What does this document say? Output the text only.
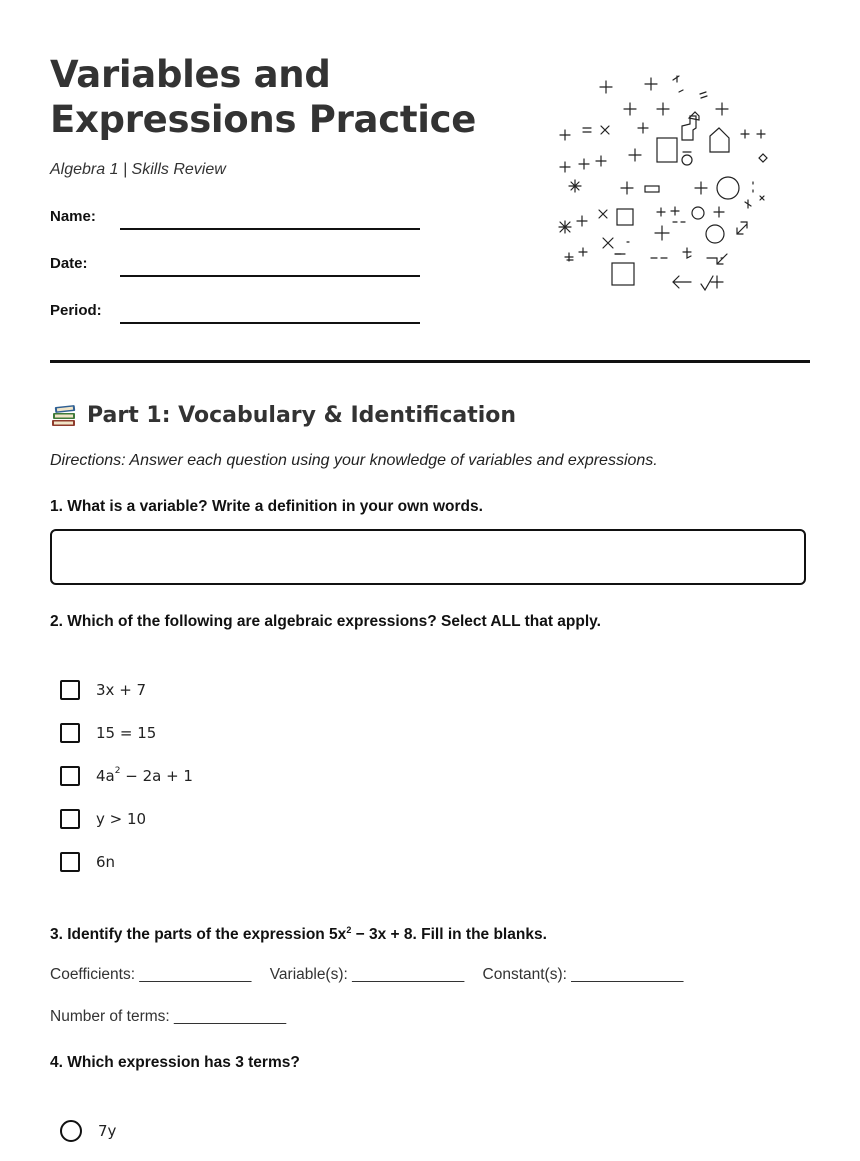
Variables and
Expressions Practice
Algebra 1 | Skills Review
Name:
Date:
Period:
Part 1: Vocabulary & Identification
Directions: Answer each question using your knowledge of variables and expressions.
1. What is a variable? Write a definition in your own words.
2. Which of the following are algebraic expressions? Select ALL that apply.
3x + 7
15 = 15
$4a^2 - 2a + 1$
y > 10
6n
3. Identify the parts of the expression $5x^2 - 3x + 8$. Fill in the blanks.
Coefficients: _____________ Variable(s): _____________ Constant(s): _____________
Number of terms: _____________
4. Which expression has 3 terms?
7y
